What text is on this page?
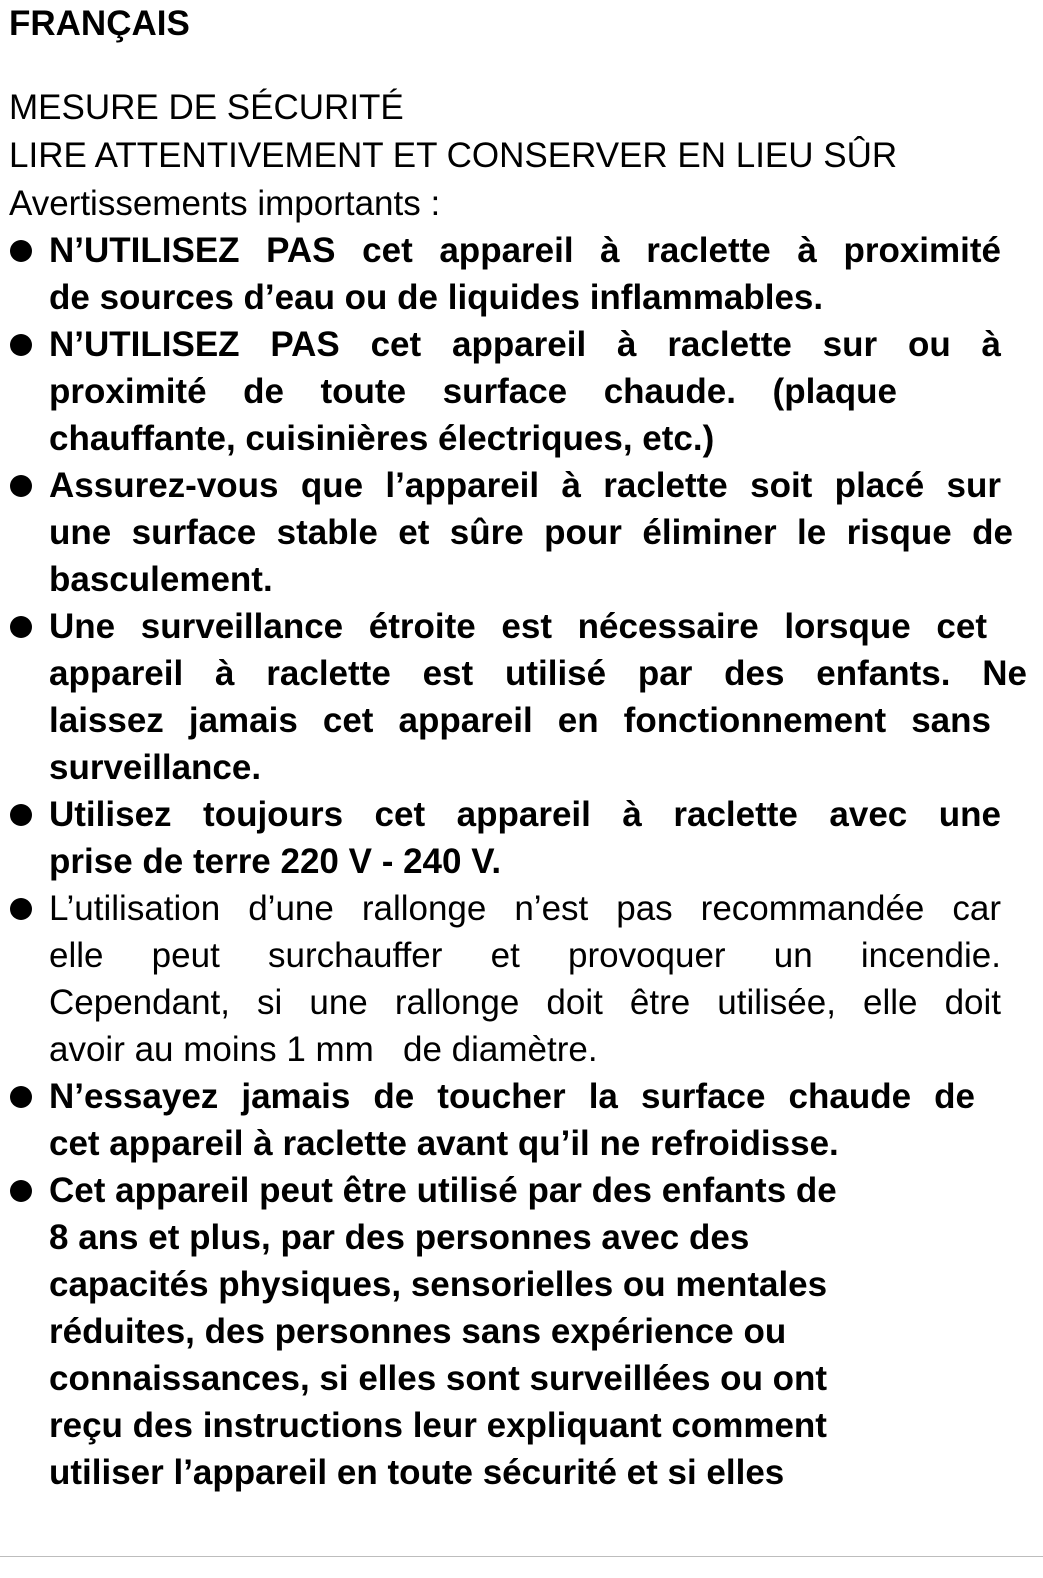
FRANÇAIS
MESURE DE SÉCURITÉ
LIRE ATTENTIVEMENT ET CONSERVER EN LIEU SÛR
Avertissements importants :
N’UTILISEZ PAS cet appareil à raclette à proximité
de sources d’eau ou de liquides inflammables.
N’UTILISEZ PAS cet appareil à raclette sur ou à
proximité de toute surface chaude. (plaque
chauffante, cuisinières électriques, etc.)
Assurez-vous que l’appareil à raclette soit placé sur
une surface stable et sûre pour éliminer le risque de
basculement.
Une surveillance étroite est nécessaire lorsque cet
appareil à raclette est utilisé par des enfants. Ne
laissez jamais cet appareil en fonctionnement sans
surveillance.
Utilisez toujours cet appareil à raclette avec une
prise de terre 220 V - 240 V.
L’utilisation d’une rallonge n’est pas recommandée car
elle peut surchauffer et provoquer un incendie.
Cependant, si une rallonge doit être utilisée, elle doit
avoir au moins 1 mm   de diamètre.
N’essayez jamais de toucher la surface chaude de
cet appareil à raclette avant qu’il ne refroidisse.
Cet appareil peut être utilisé par des enfants de
8 ans et plus, par des personnes avec des
capacités physiques, sensorielles ou mentales
réduites, des personnes sans expérience ou
connaissances, si elles sont surveillées ou ont
reçu des instructions leur expliquant comment
utiliser l’appareil en toute sécurité et si elles
